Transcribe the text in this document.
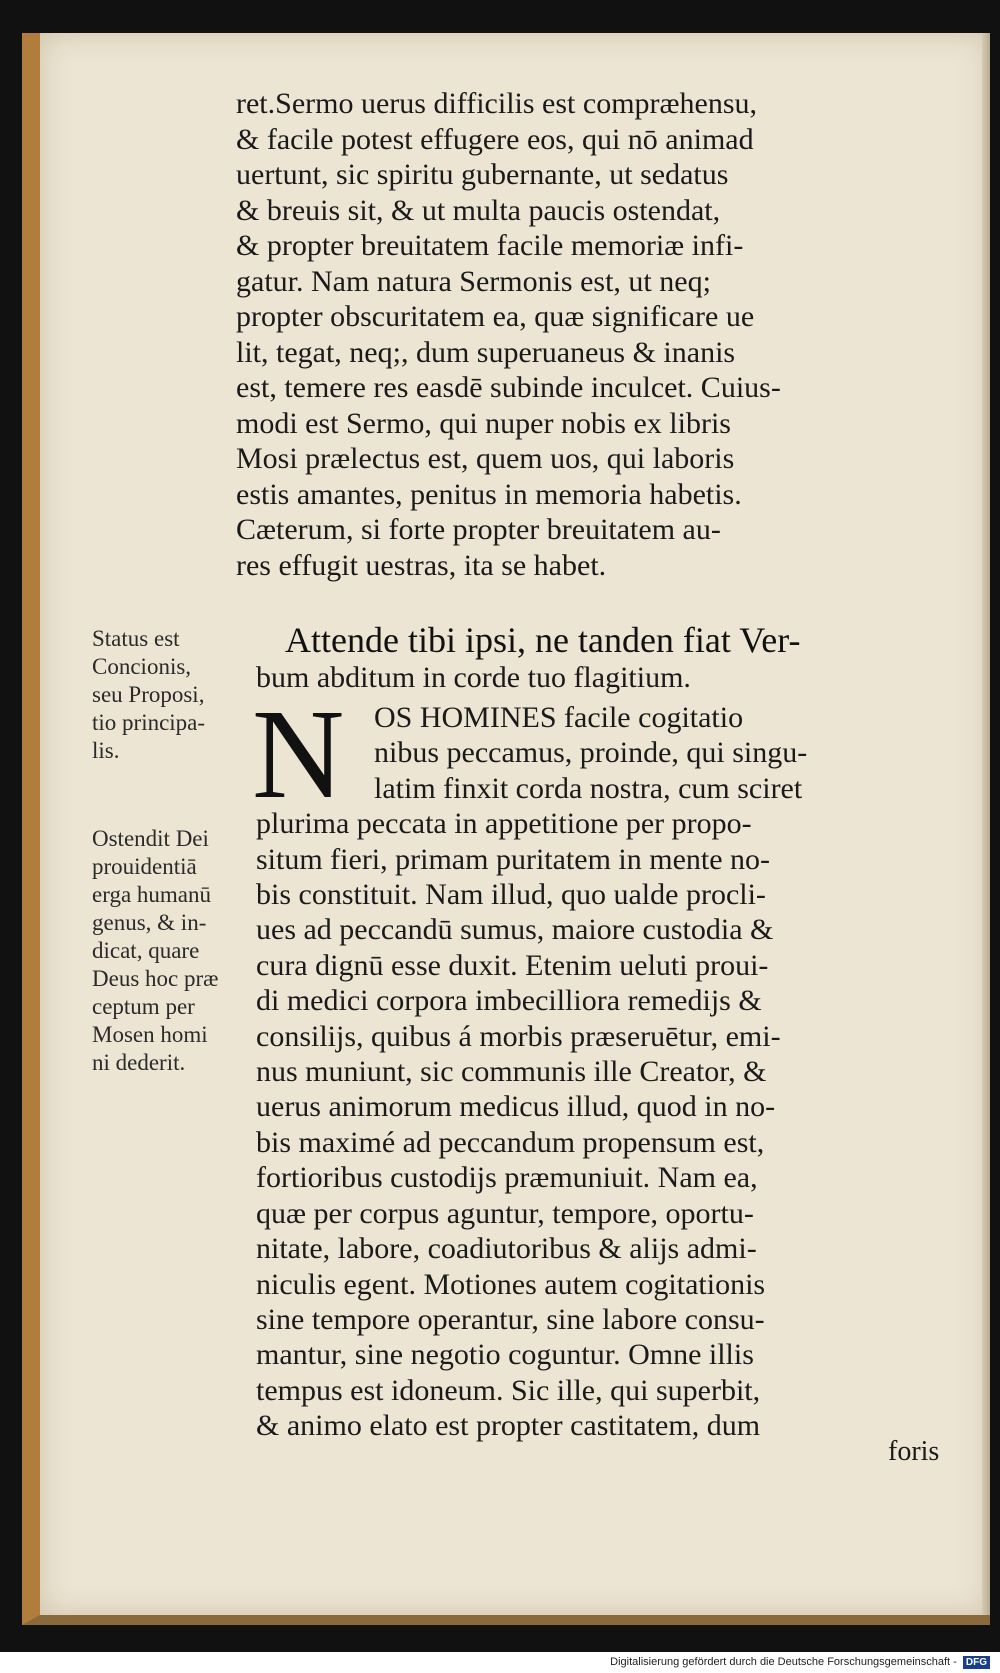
ret.Sermo uerus difficilis est compræhensu,
& facile potest effugere eos, qui nō animad
uertunt, sic spiritu gubernante, ut sedatus
& breuis sit, & ut multa paucis ostendat,
& propter breuitatem facile memoriæ infi-
gatur. Nam natura Sermonis est, ut neq;
propter obscuritatem ea, quæ significare ue
lit, tegat, neq;, dum superuaneus & inanis
est, temere res easdē subinde inculcet. Cuius-
modi est Sermo, qui nuper nobis ex libris
Mosi prælectus est, quem uos, qui laboris
estis amantes, penitus in memoria habetis.
Cæterum, si forte propter breuitatem au-
res effugit uestras, ita se habet.
Status est
Concionis,
seu Proposi,
tio principa-
lis.
Attende tibi ipsi, ne tanden fiat Ver-
bum abditum in corde tuo flagitium.
N OS HOMINES facile cogitatio
nibus peccamus, proinde, qui singu-
latim finxit corda nostra, cum sciret
plurima peccata in appetitione per propo-
situm fieri, primam puritatem in mente no-
bis constituit. Nam illud, quo ualde procli-
ues ad peccandū sumus, maiore custodia &
cura dignū esse duxit. Etenim ueluti proui-
di medici corpora imbecilliora remedijs &
consilijs, quibus á morbis præseruētur, emi-
nus muniunt, sic communis ille Creator, &
uerus animorum medicus illud, quod in no-
bis maximé ad peccandum propensum est,
fortioribus custodijs præmuniuit. Nam ea,
quæ per corpus aguntur, tempore, oportu-
nitate, labore, coadiutoribus & alijs admi-
niculis egent. Motiones autem cogitationis
sine tempore operantur, sine labore consu-
mantur, sine negotio coguntur. Omne illis
tempus est idoneum. Sic ille, qui superbit,
& animo elato est propter castitatem, dum
Ostendit Dei
prouidentiā
erga humanū
genus, & in-
dicat, quare
Deus hoc præ
ceptum per
Mosen homi
ni dederit.
foris
Digitalisierung gefördert durch die Deutsche Forschungsgemeinschaft - DFG
